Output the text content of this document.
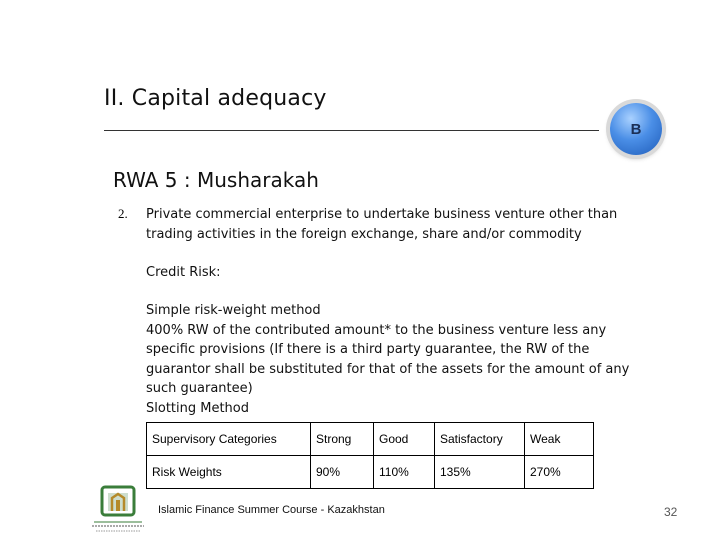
II. Capital adequacy
B
RWA 5 : Musharakah
2. Private commercial enterprise to undertake business venture other than trading activities in the foreign exchange, share and/or commodity
Credit Risk:
Simple risk-weight method
400% RW of the contributed amount* to the business venture less any specific provisions (If there is a third party guarantee, the RW of the guarantor shall be substituted for that of the assets for the amount of any such guarantee)
Slotting Method
Supervisory Categories	Strong	Good	Satisfactory	Weak
Risk Weights	90%	110%	135%	270%
Islamic Finance Summer Course - Kazakhstan	32
